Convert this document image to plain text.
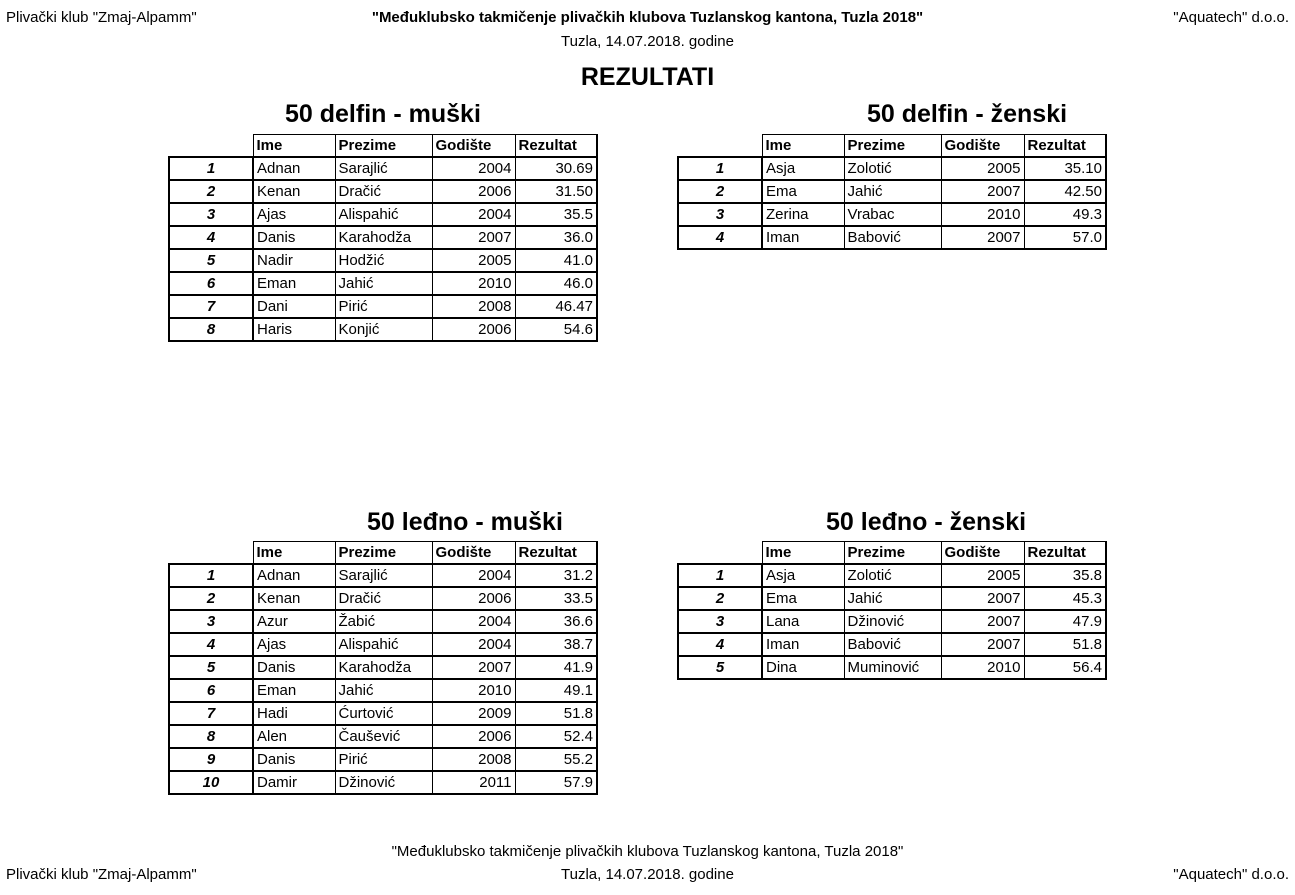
Plivački klub "Zmaj-Alpamm"	"Međuklubsko takmičenje plivačkih klubova Tuzlanskog kantona, Tuzla 2018"
Tuzla, 14.07.2018. godine
"Aquatech" d.o.o.
REZULTATI
50 delfin - muški	50 delfin - ženski
50 leđno - muški	50 leđno - ženski
	Ime	Prezime	Godište	Rezultat
1	Adnan	Sarajlić	2004	30.69
2	Kenan	Dračić	2006	31.50
3	Ajas	Alispahić	2004	35.5
4	Danis	Karahodža	2007	36.0
5	Nadir	Hodžić	2005	41.0
6	Eman	Jahić	2010	46.0
7	Dani	Pirić	2008	46.47
8	Haris	Konjić	2006	54.6
	Ime	Prezime	Godište	Rezultat
1	Asja	Zolotić	2005	35.10
2	Ema	Jahić	2007	42.50
3	Zerina	Vrabac	2010	49.3
4	Iman	Babović	2007	57.0
	Ime	Prezime	Godište	Rezultat
1	Adnan	Sarajlić	2004	31.2
2	Kenan	Dračić	2006	33.5
3	Azur	Žabić	2004	36.6
4	Ajas	Alispahić	2004	38.7
5	Danis	Karahodža	2007	41.9
6	Eman	Jahić	2010	49.1
7	Hadi	Ćurtović	2009	51.8
8	Alen	Čaušević	2006	52.4
9	Danis	Pirić	2008	55.2
10	Damir	Džinović	2011	57.9
	Ime	Prezime	Godište	Rezultat
1	Asja	Zolotić	2005	35.8
2	Ema	Jahić	2007	45.3
3	Lana	Džinović	2007	47.9
4	Iman	Babović	2007	51.8
5	Dina	Muminović	2010	56.4
"Međuklubsko takmičenje plivačkih klubova Tuzlanskog kantona, Tuzla 2018"
Tuzla, 14.07.2018. godine
Plivački klub "Zmaj-Alpamm"	"Aquatech" d.o.o.
